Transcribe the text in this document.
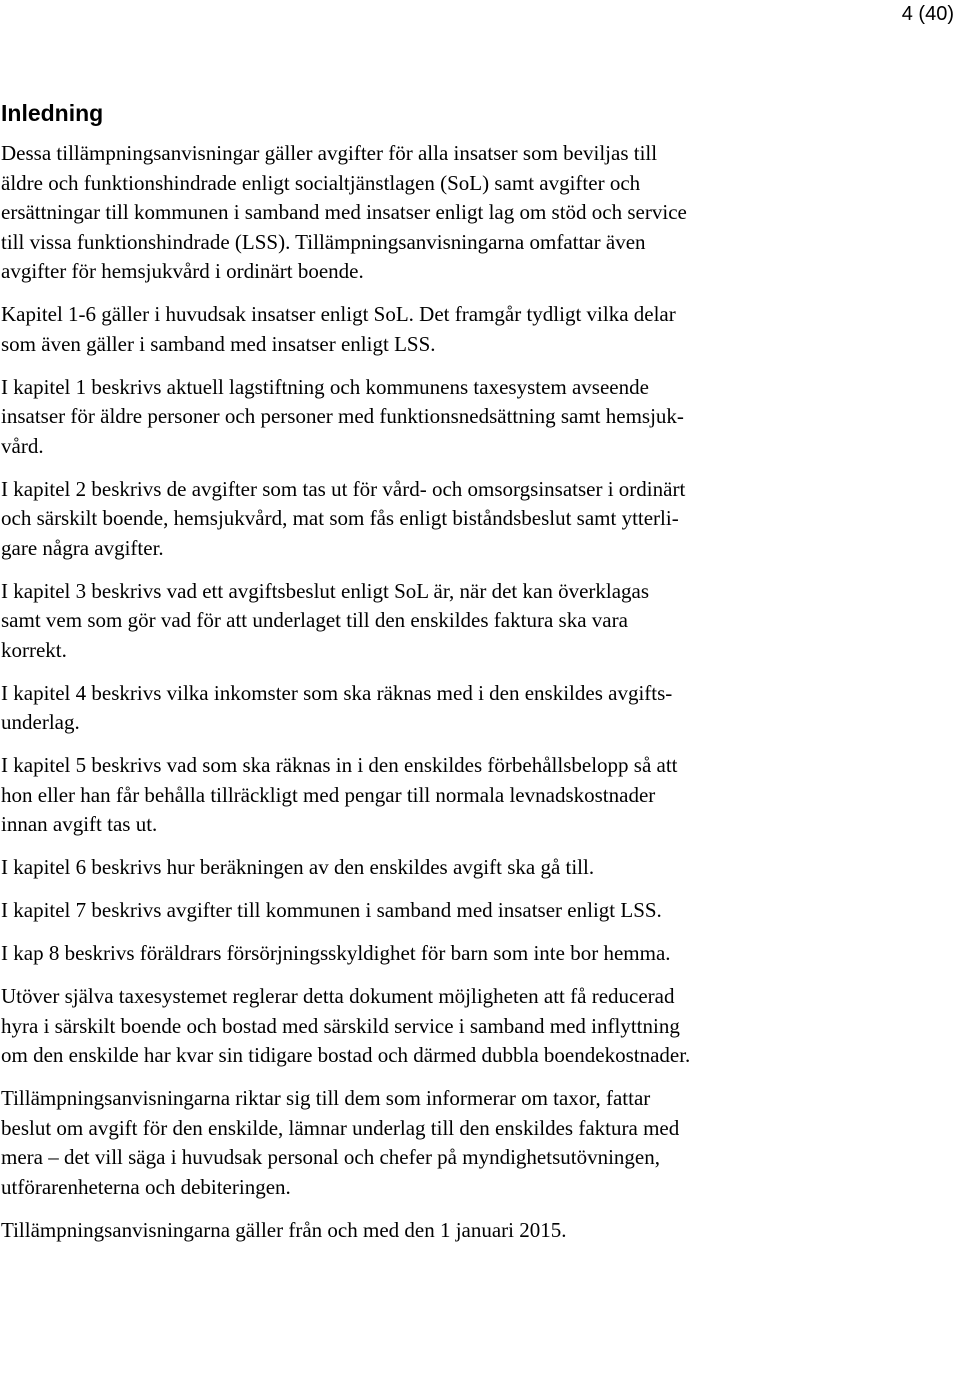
4 (40)
Inledning

Dessa tillämpningsanvisningar gäller avgifter för alla insatser som beviljas till
äldre och funktionshindrade enligt socialtjänstlagen (SoL) samt avgifter och
ersättningar till kommunen i samband med insatser enligt lag om stöd och service
till vissa funktionshindrade (LSS). Tillämpningsanvisningarna omfattar även
avgifter för hemsjukvård i ordinärt boende.

Kapitel 1-6 gäller i huvudsak insatser enligt SoL. Det framgår tydligt vilka delar
som även gäller i samband med insatser enligt LSS.

I kapitel 1 beskrivs aktuell lagstiftning och kommunens taxesystem avseende
insatser för äldre personer och personer med funktionsnedsättning samt hemsjuk-
vård.

I kapitel 2 beskrivs de avgifter som tas ut för vård- och omsorgsinsatser i ordinärt
och särskilt boende, hemsjukvård, mat som fås enligt biståndsbeslut samt ytterli-
gare några avgifter.

I kapitel 3 beskrivs vad ett avgiftsbeslut enligt SoL är, när det kan överklagas
samt vem som gör vad för att underlaget till den enskildes faktura ska vara
korrekt.

I kapitel 4 beskrivs vilka inkomster som ska räknas med i den enskildes avgifts-
underlag.

I kapitel 5 beskrivs vad som ska räknas in i den enskildes förbehållsbelopp så att
hon eller han får behålla tillräckligt med pengar till normala levnadskostnader
innan avgift tas ut.

I kapitel 6 beskrivs hur beräkningen av den enskildes avgift ska gå till.

I kapitel 7 beskrivs avgifter till kommunen i samband med insatser enligt LSS.

I kap 8 beskrivs föräldrars försörjningsskyldighet för barn som inte bor hemma.

Utöver själva taxesystemet reglerar detta dokument möjligheten att få reducerad
hyra i särskilt boende och bostad med särskild service i samband med inflyttning
om den enskilde har kvar sin tidigare bostad och därmed dubbla boendekostnader.

Tillämpningsanvisningarna riktar sig till dem som informerar om taxor, fattar
beslut om avgift för den enskilde, lämnar underlag till den enskildes faktura med
mera – det vill säga i huvudsak personal och chefer på myndighetsutövningen,
utförarenheterna och debiteringen.

Tillämpningsanvisningarna gäller från och med den 1 januari 2015.
